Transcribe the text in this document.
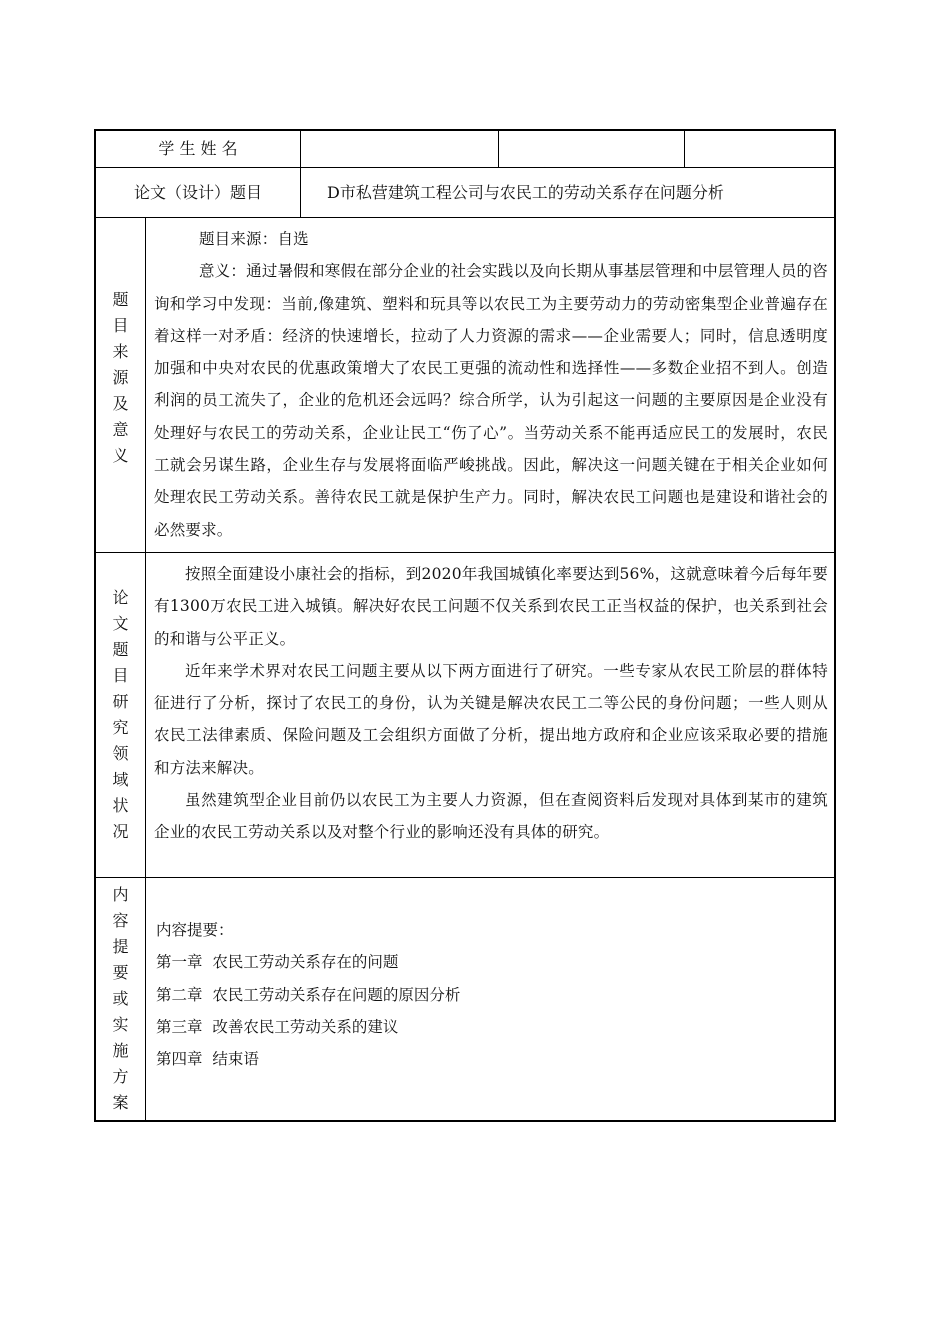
学 生 姓 名
论文（设计）题目	D市私营建筑工程公司与农民工的劳动关系存在问题分析
题
目
来
源
及
意
义

题目来源：自选

意义：通过暑假和寒假在部分企业的社会实践以及向长期从事基层管理和中层管理人员的咨询和学习中发现：当前,像建筑、塑料和玩具等以农民工为主要劳动力的劳动密集型企业普遍存在着这样一对矛盾：经济的快速增长，拉动了人力资源的需求——企业需要人；同时，信息透明度加强和中央对农民的优惠政策增大了农民工更强的流动性和选择性——多数企业招不到人。创造利润的员工流失了，企业的危机还会远吗？综合所学，认为引起这一问题的主要原因是企业没有处理好与农民工的劳动关系，企业让民工“伤了心”。当劳动关系不能再适应民工的发展时，农民工就会另谋生路，企业生存与发展将面临严峻挑战。因此，解决这一问题关键在于相关企业如何处理农民工劳动关系。善待农民工就是保护生产力。同时，解决农民工问题也是建设和谐社会的必然要求。

论
文
题
目
研
究
领
域
状
况

按照全面建设小康社会的指标，到2020年我国城镇化率要达到56%，这就意味着今后每年要有1300万农民工进入城镇。解决好农民工问题不仅关系到农民工正当权益的保护，也关系到社会的和谐与公平正义。

近年来学术界对农民工问题主要从以下两方面进行了研究。一些专家从农民工阶层的群体特征进行了分析，探讨了农民工的身份，认为关键是解决农民工二等公民的身份问题；一些人则从农民工法律素质、保险问题及工会组织方面做了分析，提出地方政府和企业应该采取必要的措施和方法来解决。

虽然建筑型企业目前仍以农民工为主要人力资源，但在查阅资料后发现对具体到某市的建筑企业的农民工劳动关系以及对整个行业的影响还没有具体的研究。

内
容
提
要
或
实
施
方
案

内容提要：

第一章  农民工劳动关系存在的问题

第二章  农民工劳动关系存在问题的原因分析

第三章  改善农民工劳动关系的建议

第四章  结束语
